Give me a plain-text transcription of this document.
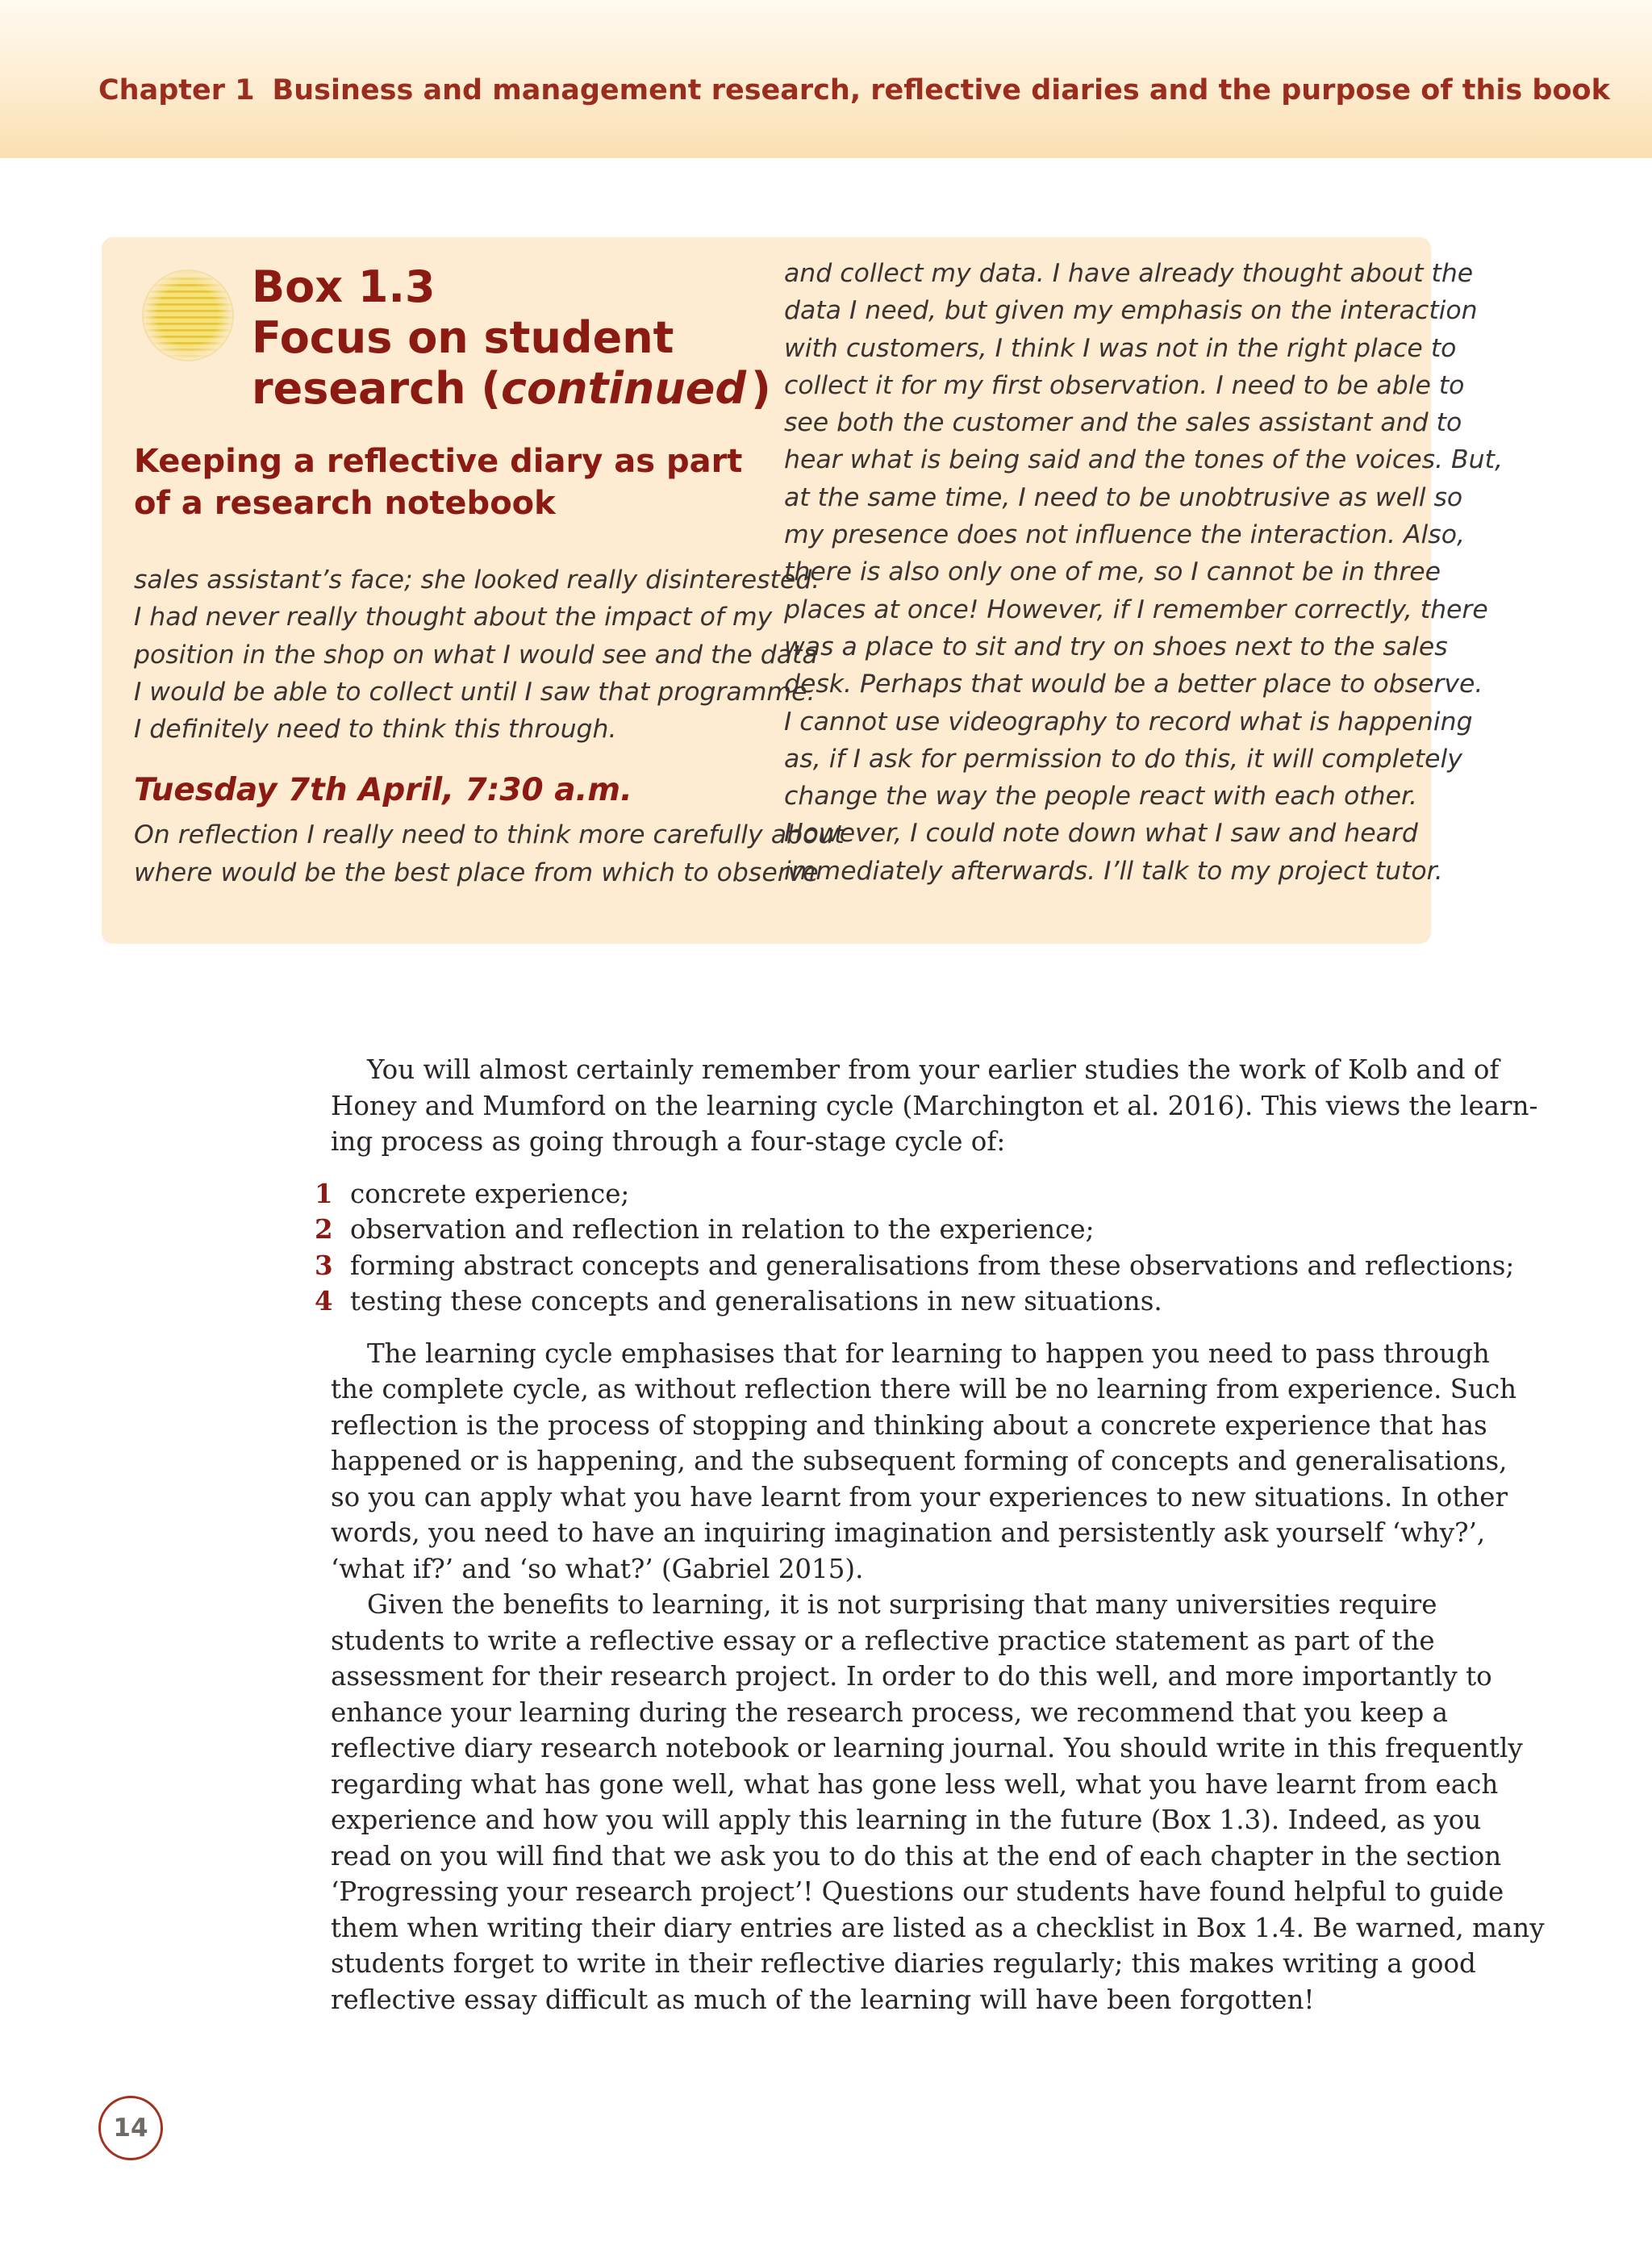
Chapter 1 Business and management research, reflective diaries and the purpose of this book
Box 1.3
Focus on student
research (continued )
Keeping a reflective diary as part
of a research notebook

sales assistant’s face; she looked really disinterested.
I had never really thought about the impact of my
position in the shop on what I would see and the data
I would be able to collect until I saw that programme.
I definitely need to think this through.

Tuesday 7th April, 7:30 a.m.

On reflection I really need to think more carefully about
where would be the best place from which to observe

and collect my data. I have already thought about the
data I need, but given my emphasis on the interaction
with customers, I think I was not in the right place to
collect it for my first observation. I need to be able to
see both the customer and the sales assistant and to
hear what is being said and the tones of the voices. But,
at the same time, I need to be unobtrusive as well so
my presence does not influence the interaction. Also,
there is also only one of me, so I cannot be in three
places at once! However, if I remember correctly, there
was a place to sit and try on shoes next to the sales
desk. Perhaps that would be a better place to observe.
I cannot use videography to record what is happening
as, if I ask for permission to do this, it will completely
change the way the people react with each other.
However, I could note down what I saw and heard
immediately afterwards. I’ll talk to my project tutor.

You will almost certainly remember from your earlier studies the work of Kolb and of
Honey and Mumford on the learning cycle (Marchington et al. 2016). This views the learn-
ing process as going through a four-stage cycle of:
1 concrete experience;
2 observation and reflection in relation to the experience;
3 forming abstract concepts and generalisations from these observations and reflections;
4 testing these concepts and generalisations in new situations.
The learning cycle emphasises that for learning to happen you need to pass through
the complete cycle, as without reflection there will be no learning from experience. Such
reflection is the process of stopping and thinking about a concrete experience that has
happened or is happening, and the subsequent forming of concepts and generalisations,
so you can apply what you have learnt from your experiences to new situations. In other
words, you need to have an inquiring imagination and persistently ask yourself ‘why?’,
‘what if?’ and ‘so what?’ (Gabriel 2015).
Given the benefits to learning, it is not surprising that many universities require
students to write a reflective essay or a reflective practice statement as part of the
assessment for their research project. In order to do this well, and more importantly to
enhance your learning during the research process, we recommend that you keep a
reflective diary research notebook or learning journal. You should write in this frequently
regarding what has gone well, what has gone less well, what you have learnt from each
experience and how you will apply this learning in the future (Box 1.3). Indeed, as you
read on you will find that we ask you to do this at the end of each chapter in the section
‘Progressing your research project’! Questions our students have found helpful to guide
them when writing their diary entries are listed as a checklist in Box 1.4. Be warned, many
students forget to write in their reflective diaries regularly; this makes writing a good
reflective essay difficult as much of the learning will have been forgotten!
14
